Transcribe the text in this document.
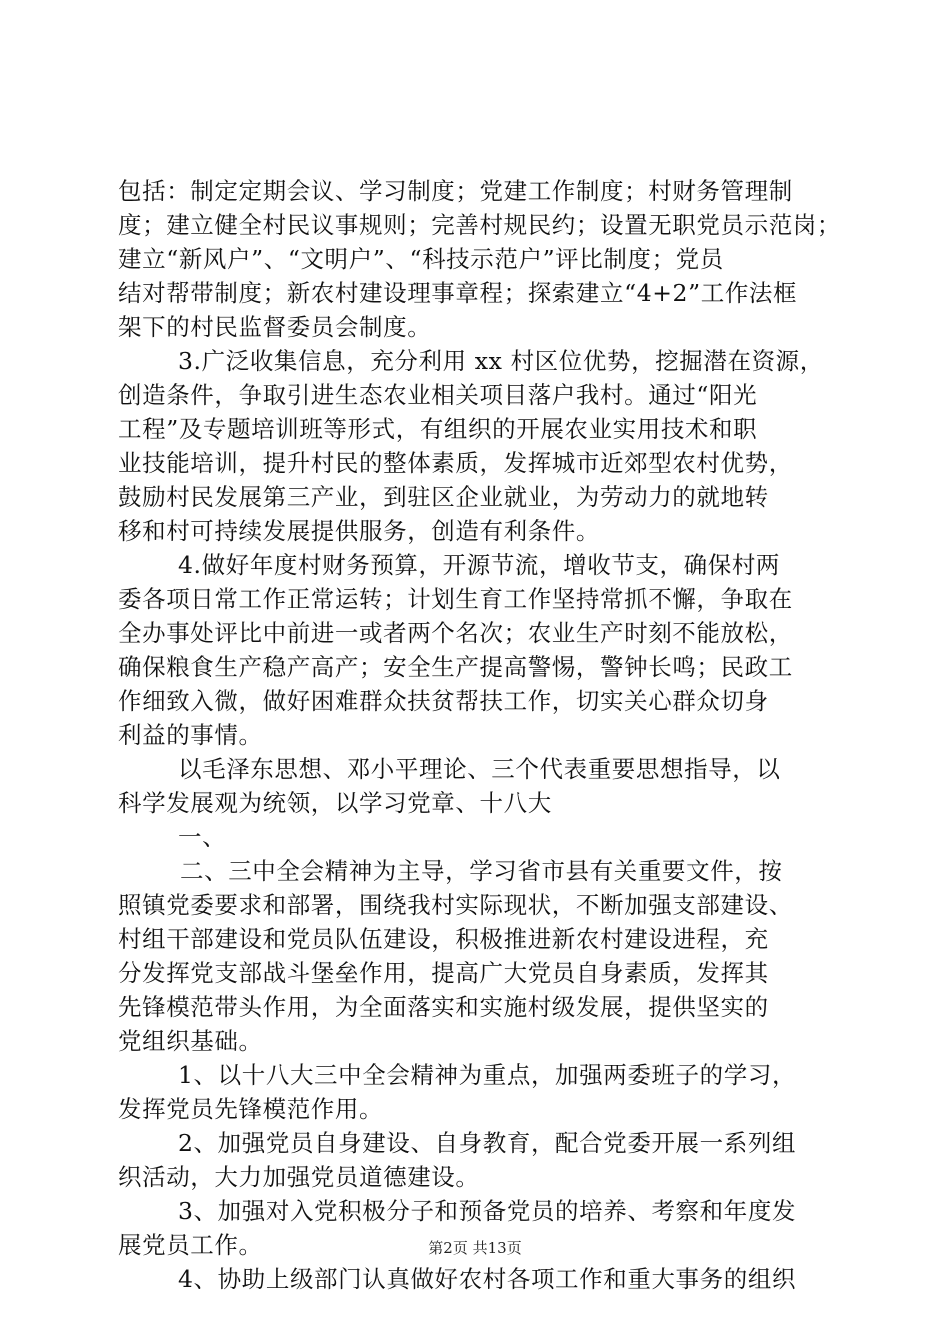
包括：制定定期会议、学习制度；党建工作制度；村财务管理制
度；建立健全村民议事规则；完善村规民约；设置无职党员示范岗；
建立“新风户”、“文明户”、“科技示范户”评比制度；党员
结对帮带制度；新农村建设理事章程；探索建立“4+2”工作法框
架下的村民监督委员会制度。
3.广泛收集信息，充分利用 xx 村区位优势，挖掘潜在资源，
创造条件，争取引进生态农业相关项目落户我村。通过“阳光
工程”及专题培训班等形式，有组织的开展农业实用技术和职
业技能培训，提升村民的整体素质，发挥城市近郊型农村优势，
鼓励村民发展第三产业，到驻区企业就业，为劳动力的就地转
移和村可持续发展提供服务，创造有利条件。
4.做好年度村财务预算，开源节流，增收节支，确保村两
委各项日常工作正常运转；计划生育工作坚持常抓不懈，争取在
全办事处评比中前进一或者两个名次；农业生产时刻不能放松，
确保粮食生产稳产高产；安全生产提高警惕，警钟长鸣；民政工
作细致入微，做好困难群众扶贫帮扶工作，切实关心群众切身
利益的事情。
以毛泽东思想、邓小平理论、三个代表重要思想指导，以
科学发展观为统领，以学习党章、十八大
一、
二、三中全会精神为主导，学习省市县有关重要文件，按
照镇党委要求和部署，围绕我村实际现状，不断加强支部建设、
村组干部建设和党员队伍建设，积极推进新农村建设进程，充
分发挥党支部战斗堡垒作用，提高广大党员自身素质，发挥其
先锋模范带头作用，为全面落实和实施村级发展，提供坚实的
党组织基础。
1、以十八大三中全会精神为重点，加强两委班子的学习，
发挥党员先锋模范作用。
2、加强党员自身建设、自身教育，配合党委开展一系列组
织活动，大力加强党员道德建设。
3、加强对入党积极分子和预备党员的培养、考察和年度发
展党员工作。
4、协助上级部门认真做好农村各项工作和重大事务的组织
第2页 共13页
